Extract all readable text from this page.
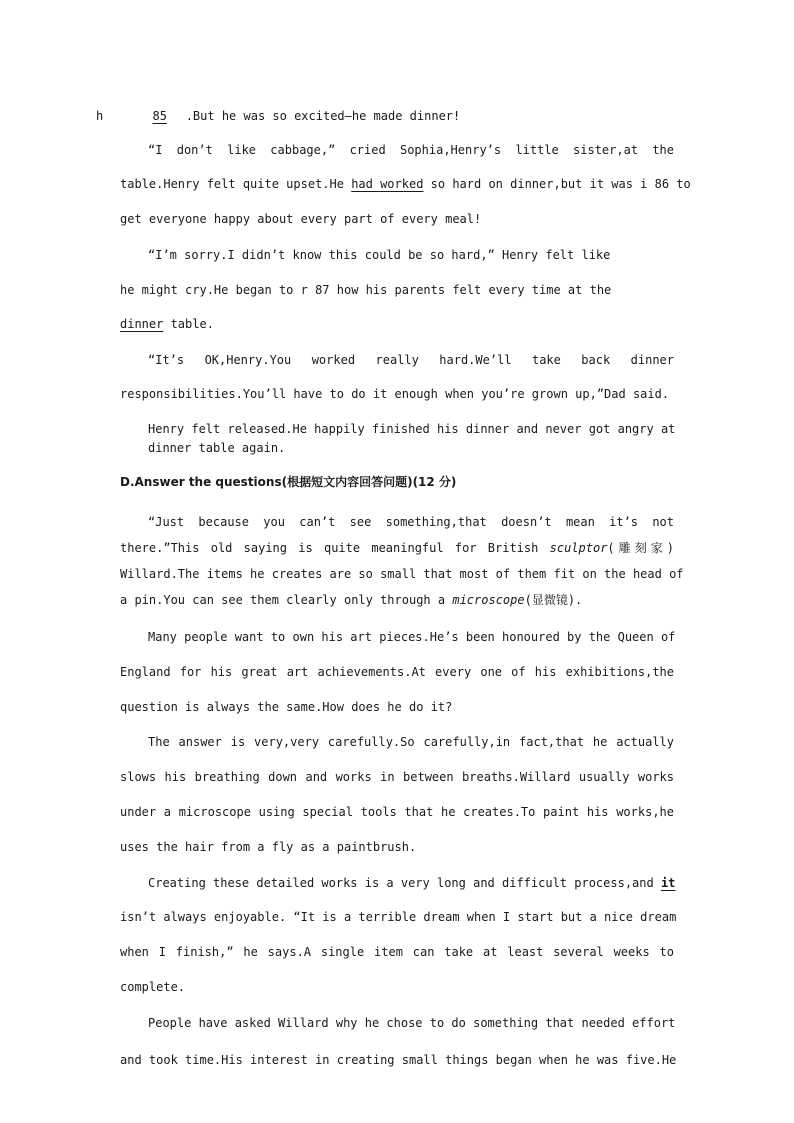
h	85 .But he was so excited—he made dinner!
“I don’t like cabbage,” cried Sophia,Henry’s little sister,at the
table.Henry felt quite upset.He had worked so hard on dinner,but it was i 86 to
get everyone happy about every part of every meal!
“I’m sorry.I didn’t know this could be so hard,” Henry felt like
he might cry.He began to r 87 how his parents felt every time at the
dinner table.
“It’s OK,Henry.You worked really hard.We’ll take back dinner
responsibilities.You’ll have to do it enough when you’re grown up,”Dad said.
Henry felt released.He happily finished his dinner and never got angry at
dinner table again.
D.Answer the questions(根据短文内容回答问题)(12 分)
“Just because you can’t see something,that doesn’t mean it’s not
there.”This old saying is quite meaningful for British sculptor(雕刻家)
Willard.The items he creates are so small that most of them fit on the head of
a pin.You can see them clearly only through a microscope(显微镜).
Many people want to own his art pieces.He’s been honoured by the Queen of
England for his great art achievements.At every one of his exhibitions,the
question is always the same.How does he do it?
The answer is very,very carefully.So carefully,in fact,that he actually
slows his breathing down and works in between breaths.Willard usually works
under a microscope using special tools that he creates.To paint his works,he
uses the hair from a fly as a paintbrush.
Creating these detailed works is a very long and difficult process,and it
isn’t always enjoyable. “It is a terrible dream when I start but a nice dream
when I finish,” he says.A single item can take at least several weeks to
complete.
People have asked Willard why he chose to do something that needed effort
and took time.His interest in creating small things began when he was five.He
